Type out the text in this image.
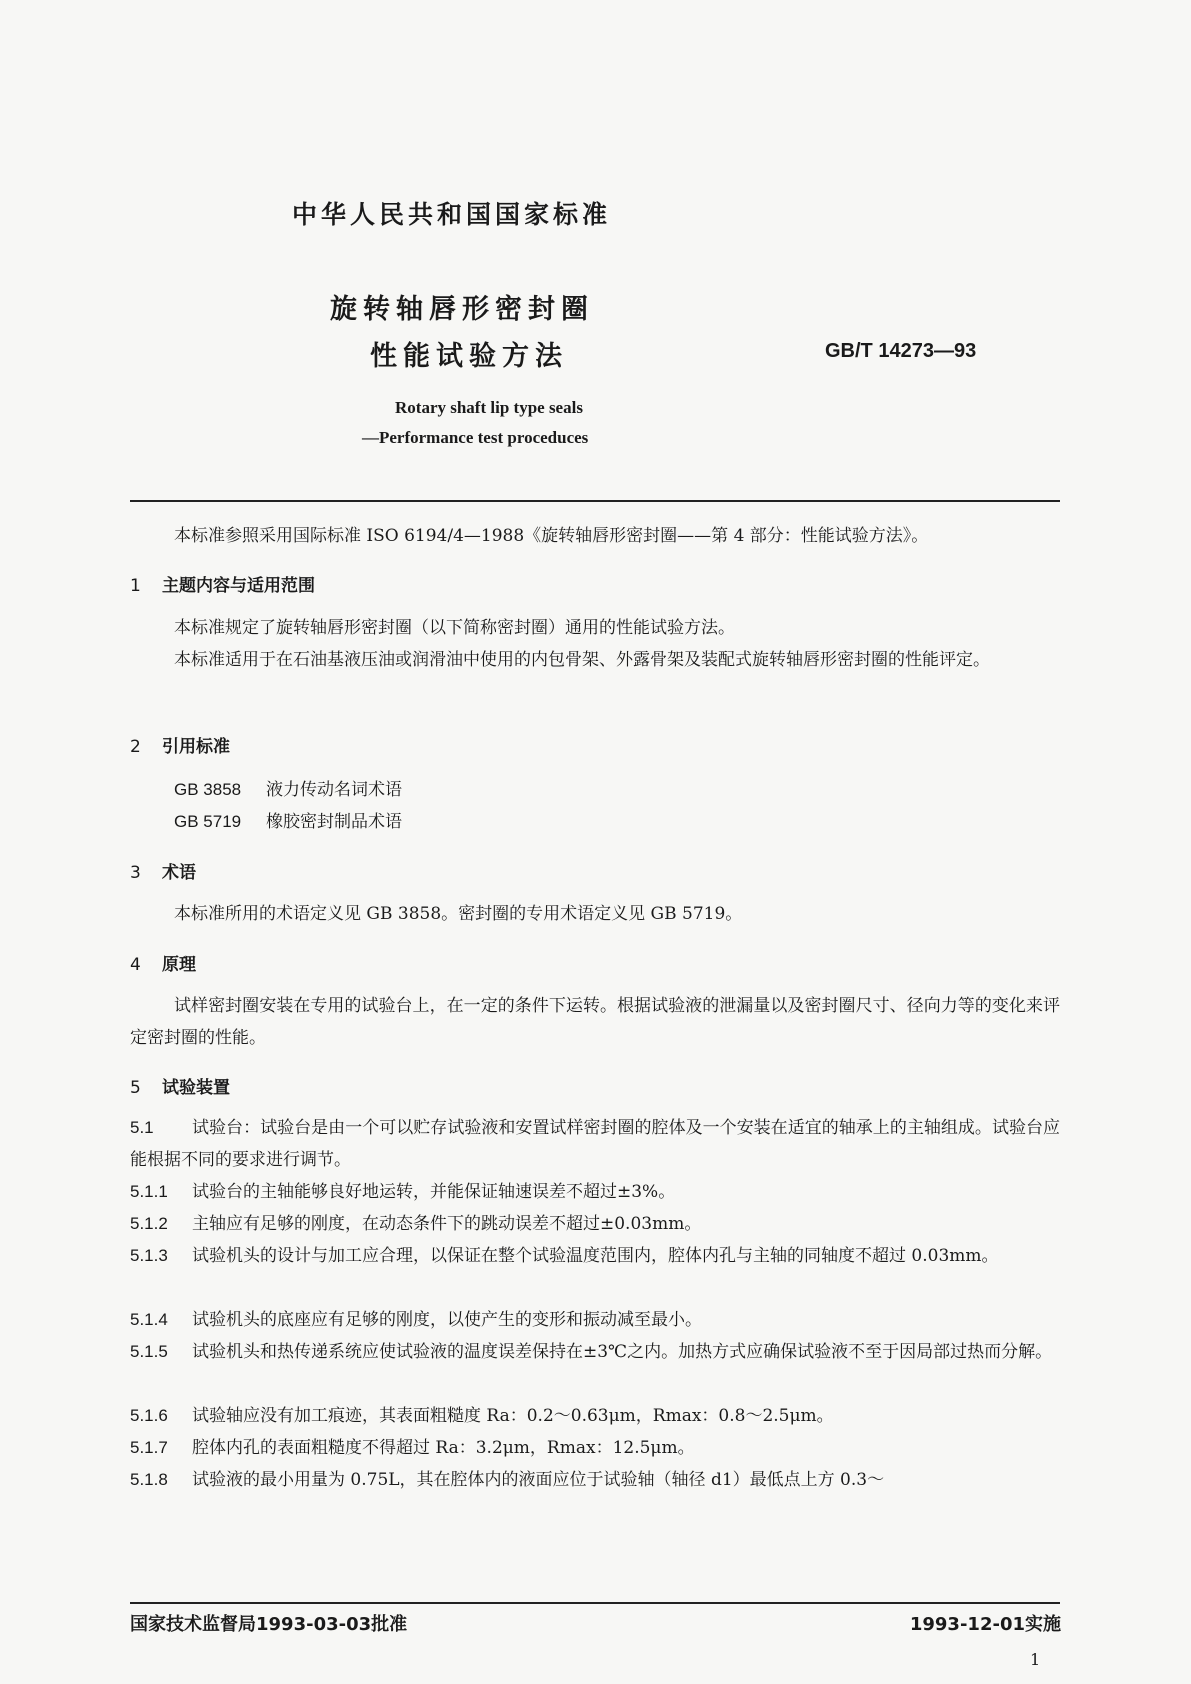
中华人民共和国国家标准
旋转轴唇形密封圈
性能试验方法	GB/T 14273—93
Rotary shaft lip type seals
—Performance test proceduces
本标准参照采用国际标准 ISO 6194/4—1988《旋转轴唇形密封圈——第 4 部分：性能试验方法》。
1 主题内容与适用范围
本标准规定了旋转轴唇形密封圈（以下简称密封圈）通用的性能试验方法。
本标准适用于在石油基液压油或润滑油中使用的内包骨架、外露骨架及装配式旋转轴唇形密封圈的性能评定。
2 引用标准
GB 3858 液力传动名词术语
GB 5719 橡胶密封制品术语
3 术语
本标准所用的术语定义见 GB 3858。密封圈的专用术语定义见 GB 5719。
4 原理
试样密封圈安装在专用的试验台上，在一定的条件下运转。根据试验液的泄漏量以及密封圈尺寸、径向力等的变化来评定密封圈的性能。
5 试验装置
5.1 试验台：试验台是由一个可以贮存试验液和安置试样密封圈的腔体及一个安装在适宜的轴承上的主轴组成。试验台应能根据不同的要求进行调节。
5.1.1 试验台的主轴能够良好地运转，并能保证轴速误差不超过±3%。
5.1.2 主轴应有足够的刚度，在动态条件下的跳动误差不超过±0.03mm。
5.1.3 试验机头的设计与加工应合理，以保证在整个试验温度范围内，腔体内孔与主轴的同轴度不超过 0.03mm。
5.1.4 试验机头的底座应有足够的刚度，以使产生的变形和振动减至最小。
5.1.5 试验机头和热传递系统应使试验液的温度误差保持在±3℃之内。加热方式应确保试验液不至于因局部过热而分解。
5.1.6 试验轴应没有加工痕迹，其表面粗糙度 Ra：0.2～0.63μm，Rmax：0.8～2.5μm。
5.1.7 腔体内孔的表面粗糙度不得超过 Ra：3.2μm，Rmax：12.5μm。
5.1.8 试验液的最小用量为 0.75L，其在腔体内的液面应位于试验轴（轴径 d1）最低点上方 0.3～
国家技术监督局1993-03-03批准	1993-12-01实施
1
